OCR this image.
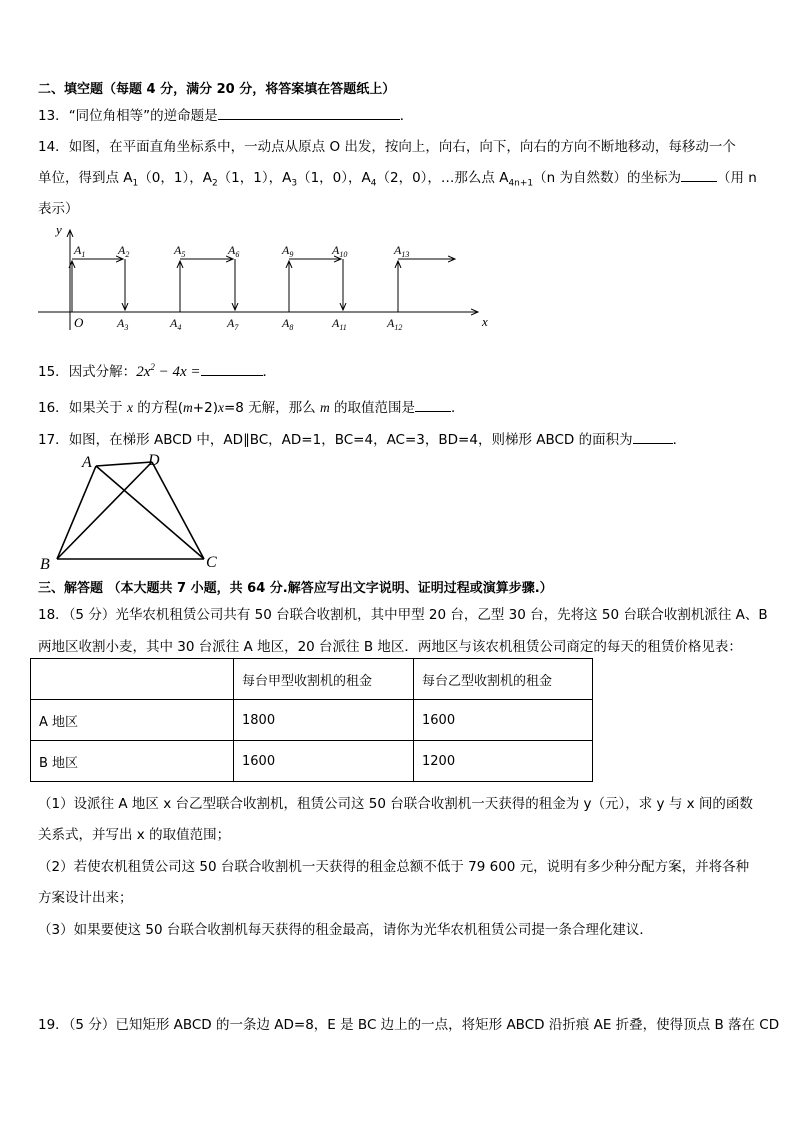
二、填空题（每题 4 分，满分 20 分，将答案填在答题纸上）
13．“同位角相等”的逆命题是	．
14．如图，在平面直角坐标系中，一动点从原点 O 出发，按向上，向右，向下，向右的方向不断地移动，每移动一个
单位，得到点 $A_1(0$，1），$A_2(1$，1），$A_3(1$，0），$A_4(2$，0），…那么点 $A_{4n+1}(n$ 为自然数）的坐标为	（用 n
表示）
x
y
O
$A_1$	$A_2$	$A_5$	$A_6$	$A_9$	$A_{10}$	$A_{13}$
$A_3$	$A_4$	$A_7$	$A_8$	$A_{11}$	$A_{12}$
15．因式分解：$2x^2 - 4x$ =	．
16．如果关于 x 的方程(m+2)x=8 无解，那么 m 的取值范围是	．
17．如图，在梯形 ABCD 中，AD∥BC，AD=1，BC=4，AC=3，BD=4，则梯形 ABCD 的面积为	．
A	D
B	C
三、解答题 （本大题共 7 小题，共 64 分.解答应写出文字说明、证明过程或演算步骤.）
18．（5 分）光华农机租赁公司共有 50 台联合收割机，其中甲型 20 台，乙型 30 台，先将这 50 台联合收割机派往 A、B
两地区收割小麦，其中 30 台派往 A 地区，20 台派往 B 地区．两地区与该农机租赁公司商定的每天的租赁价格见表：
	每台甲型收割机的租金	每台乙型收割机的租金
A 地区	1800	1600
B 地区	1600	1200
（1）设派往 A 地区 x 台乙型联合收割机，租赁公司这 50 台联合收割机一天获得的租金为 y（元），求 y 与 x 间的函数
关系式，并写出 x 的取值范围；
（2）若使农机租赁公司这 50 台联合收割机一天获得的租金总额不低于 79 600 元，说明有多少种分配方案，并将各种
方案设计出来；
（3）如果要使这 50 台联合收割机每天获得的租金最高，请你为光华农机租赁公司提一条合理化建议．
19．（5 分）已知矩形 ABCD 的一条边 AD=8，E 是 BC 边上的一点，将矩形 ABCD 沿折痕 AE 折叠，使得顶点 B 落在 CD
